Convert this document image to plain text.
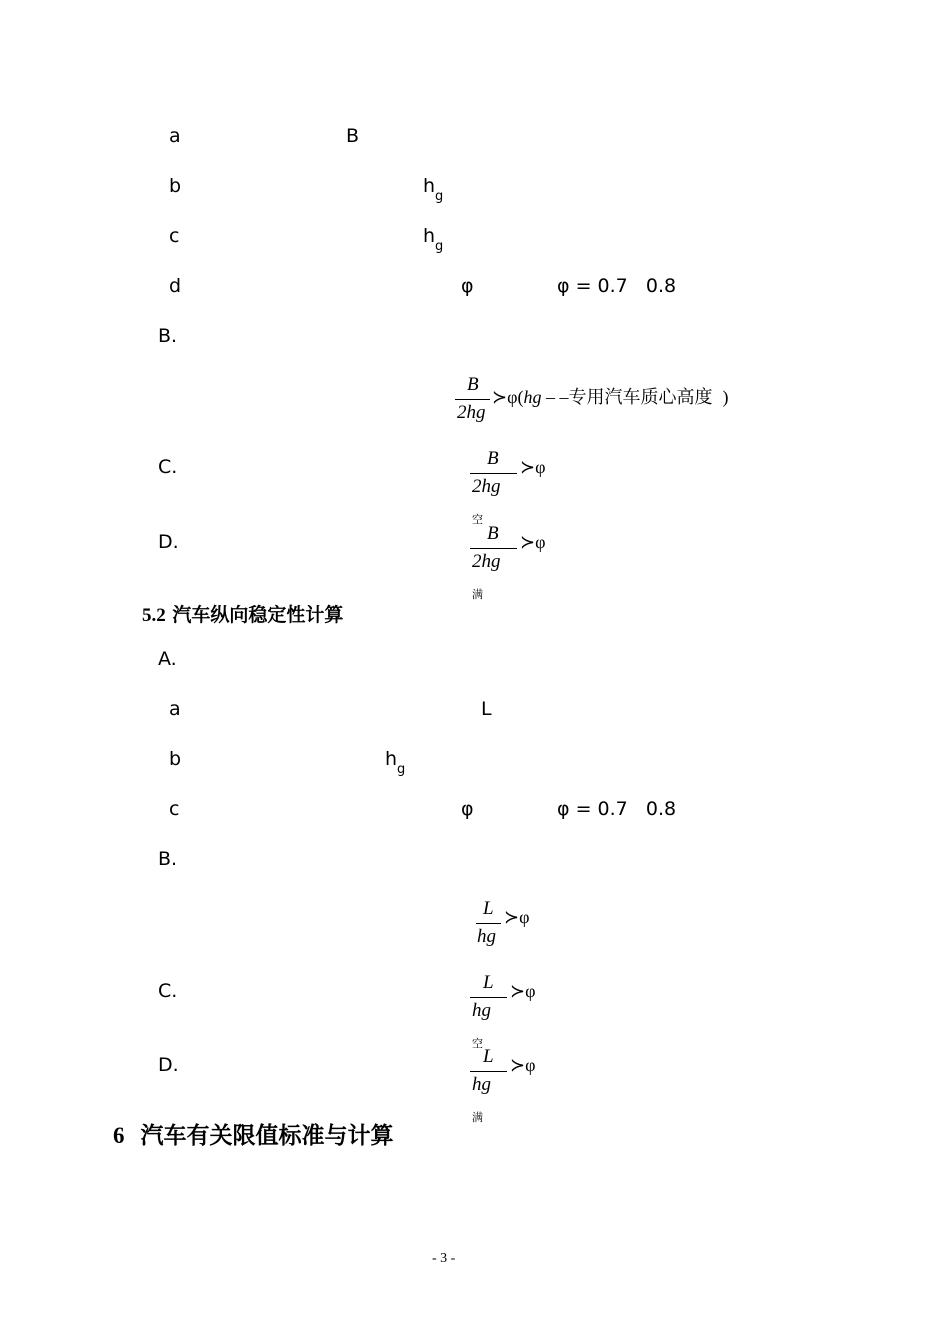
a	B
b	$h_g$
c	$h_g$
d	φ	φ = 0.7   0.8
B.
B
2hg
≻φ(hg – –专用汽车质心高度 )
C.	B
$2hg_空$
≻φ
D.	B
$2hg_满$
≻φ
5.2 汽车纵向稳定性计算
A.
a	L
b	$h_g$
c	φ	φ = 0.7   0.8
B.
L
hg
≻φ
C.	L
$hg_空$
≻φ
D.	L
$hg_满$
≻φ
6 汽车有关限值标准与计算
- 3 -
